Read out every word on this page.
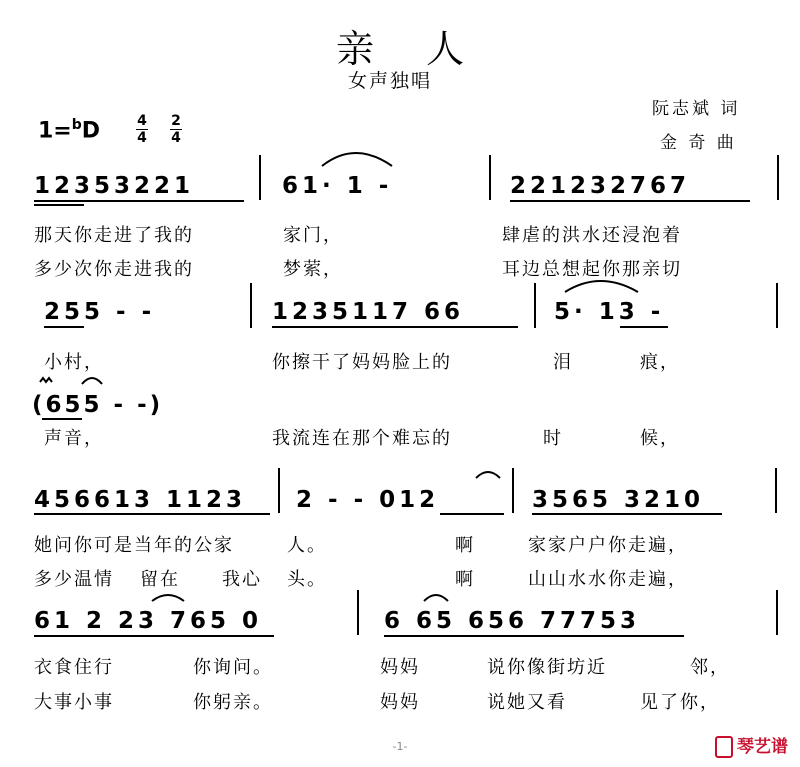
亲人
女声独唱
阮志斌 词
金 奇 曲
1=$^b$D	4
4
2
4
12353221	61· 1 -	221232767
那天你走进了我的	家门，	肆虐的洪水还浸泡着
多少次你走进我的	梦萦，	耳边总想起你那亲切
255 - -	1235117 66	5· 13 -
小村，	你擦干了妈妈脸上的	泪	痕，
(655 - -)
声音，	我流连在那个难忘的	时	候，
456613 1123 2 - - 012	3565 3210
她问你可是当年的公家	人。	啊	家家户户你走遍，
多少温情 留在 我心 头。	啊	山山水水你走遍，
61 2 23 765 0	6 65 656 77753
衣食住行	你询问。	妈妈	说你像街坊近	邻，
大事小事	你躬亲。	妈妈	说她又看	见了你，
-1-	琴艺谱
